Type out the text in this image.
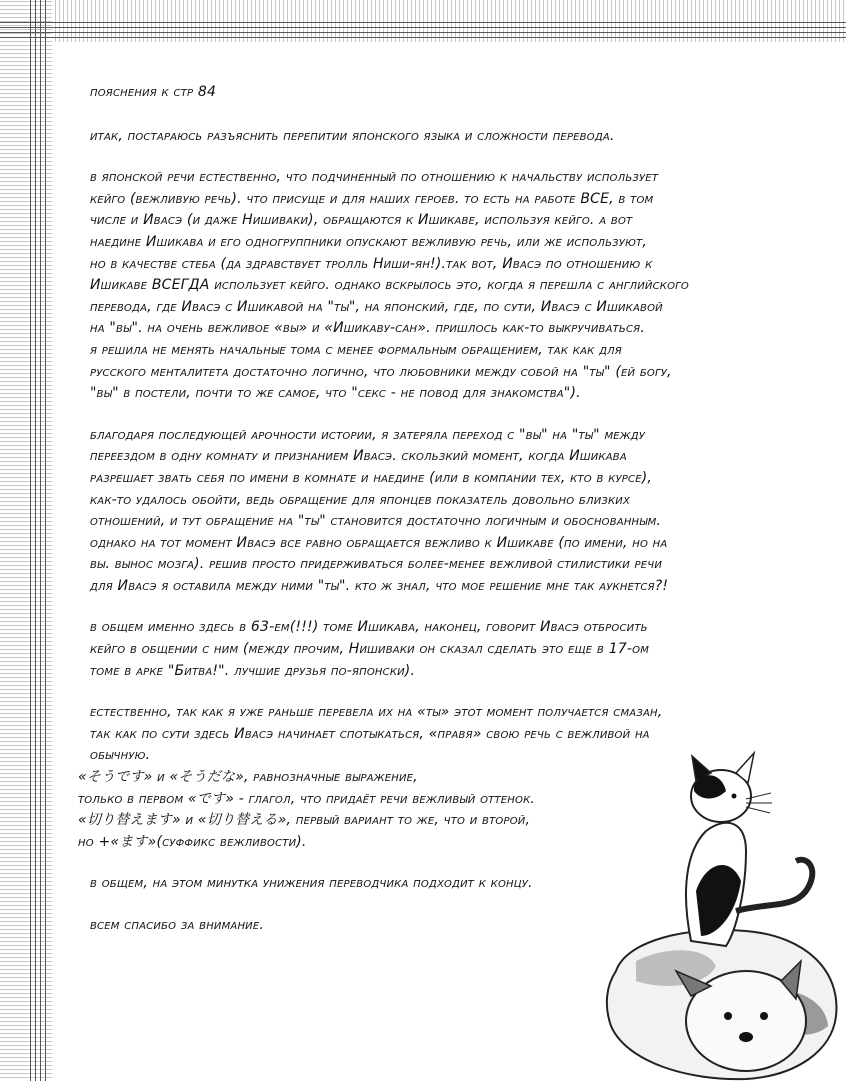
пояснения к стр 84

итак, постараюсь разъяснить перепитии японского языка и сложности перевода.

в японской речи естественно, что подчиненный по отношению к начальству использует
кейго (вежливую речь). что присуще и для наших героев. то есть на работе ВСЕ, в том
числе и Ивасэ (и даже Нишиваки), обращаются к Ишикаве, используя кейго. а вот
наедине Ишикава и его одногруппники опускают вежливую речь, или же используют,
но в качестве стеба (да здравствует тролль Ниши-ян!).так вот, Ивасэ по отношению к
Ишикаве ВСЕГДА использует кейго. однако вскрылось это, когда я перешла с английского
перевода, где Ивасэ с Ишикавой на "ты", на японский, где, по сути, Ивасэ с Ишикавой
на "вы". на очень вежливое «вы» и «Ишикаву-сан». пришлось как-то выкручиваться.
я решила не менять начальные тома с менее формальным обращением, так как для
русского менталитета достаточно логично, что любовники между собой на "ты" (ей богу,
"вы" в постели, почти то же самое, что "секс - не повод для знакомства").

благодаря последующей арочности истории, я затеряла переход с "вы" на "ты" между
переездом в одну комнату и признанием Ивасэ. скользкий момент, когда Ишикава
разрешает звать себя по имени в комнате и наедине (или в компании тех, кто в курсе),
как-то удалось обойти, ведь обращение для японцев показатель довольно близких
отношений, и тут обращение на "ты" становится достаточно логичным и обоснованным.
однако на тот момент Ивасэ все равно обращается вежливо к Ишикаве (по имени, но на
вы. вынос мозга). решив просто придерживаться более-менее вежливой стилистики речи
для Ивасэ я оставила между ними "ты". кто ж знал, что мое решение мне так аукнется?!

в общем именно здесь в 63-ем(!!!) томе Ишикава, наконец, говорит Ивасэ отбросить
кейго в общении с ним (между прочим, Нишиваки он сказал сделать это еще в 17-ом
томе в арке "Битва!". лучшие друзья по-японски).

естественно, так как я уже раньше перевела их на «ты» этот момент получается смазан,
так как по сути здесь Ивасэ начинает спотыкаться, «правя» свою речь с вежливой на
обычную.

«そうです» и «そうだな», равнозначные выражение,
только в первом «です» - глагол, что придаёт речи вежливый оттенок.
«切り替えます» и «切り替える», первый вариант то же, что и второй,
но +«ます»(суффикс вежливости).

в общем, на этом минутка унижения переводчика подходит к концу.

всем спасибо за внимание.
